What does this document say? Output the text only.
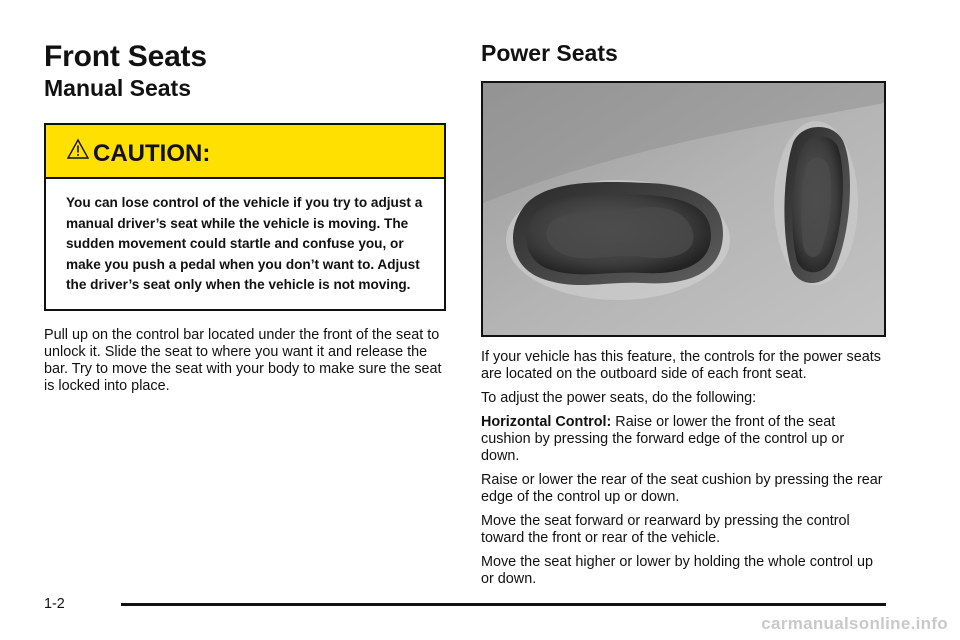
Front Seats
Manual Seats
CAUTION:
You can lose control of the vehicle if you try to adjust a manual driver’s seat while the vehicle is moving. The sudden movement could startle and confuse you, or make you push a pedal when you don’t want to. Adjust the driver’s seat only when the vehicle is not moving.

Pull up on the control bar located under the front of the seat to unlock it. Slide the seat to where you want it and release the bar. Try to move the seat with your body to make sure the seat is locked into place.

Power Seats

If your vehicle has this feature, the controls for the power seats are located on the outboard side of each front seat.

To adjust the power seats, do the following:

Horizontal Control: Raise or lower the front of the seat cushion by pressing the forward edge of the control up or down.

Raise or lower the rear of the seat cushion by pressing the rear edge of the control up or down.

Move the seat forward or rearward by pressing the control toward the front or rear of the vehicle.

Move the seat higher or lower by holding the whole control up or down.

1-2
carmanualsonline.info
